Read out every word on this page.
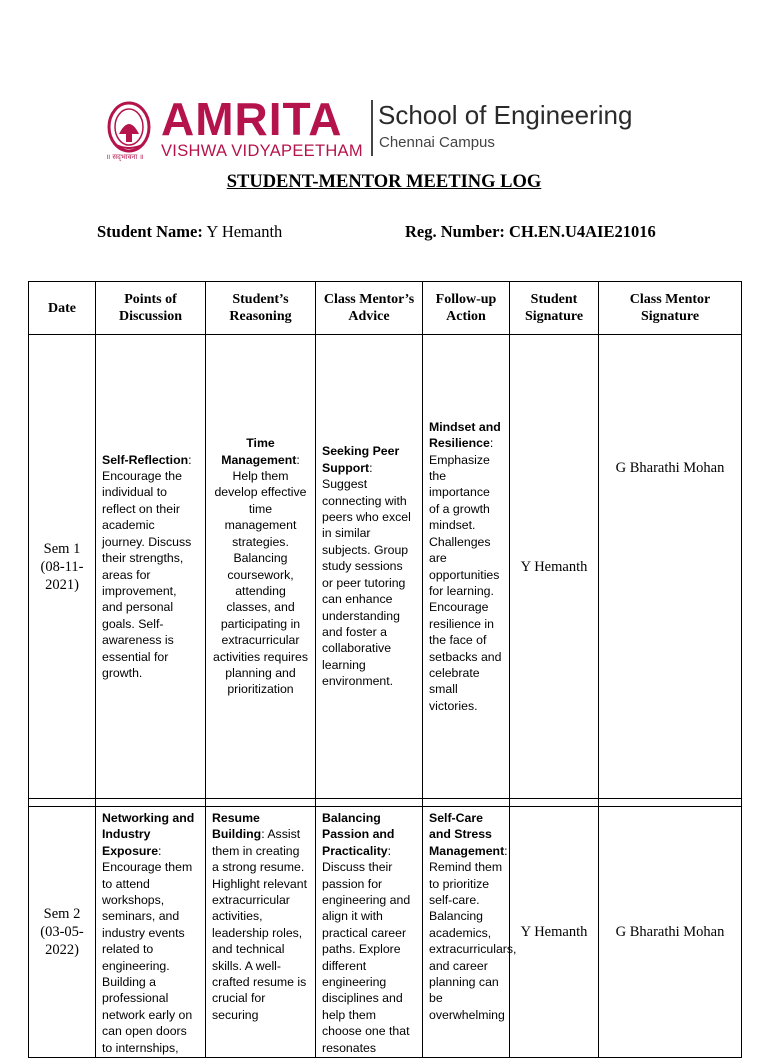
॥ सद्‌भावना ॥
AMRITA
VISHWA VIDYAPEETHAM
School of Engineering
Chennai Campus
STUDENT-MENTOR MEETING LOG
Student Name: Y Hemanth	Reg. Number: CH.EN.U4AIE21016
Date	Points of Discussion	Student’s Reasoning	Class Mentor’s Advice	Follow-up Action	Student Signature	Class Mentor Signature
Sem 1 (08-11-2021)	Self-Reflection: Encourage the individual to reflect on their academic journey. Discuss their strengths, areas for improvement, and personal goals. Self-awareness is essential for growth.	Time Management: Help them develop effective time management strategies. Balancing coursework, attending classes, and participating in extracurricular activities requires planning and prioritization	Seeking Peer Support: Suggest connecting with peers who excel in similar subjects. Group study sessions or peer tutoring can enhance understanding and foster a collaborative learning environment.	Mindset and Resilience: Emphasize the importance of a growth mindset. Challenges are opportunities for learning. Encourage resilience in the face of setbacks and celebrate small victories.	Y Hemanth	G Bharathi Mohan

Sem 2 (03-05-2022)	Networking and Industry Exposure: Encourage them to attend workshops, seminars, and industry events related to engineering. Building a professional network early on can open doors to internships,	Resume Building: Assist them in creating a strong resume. Highlight relevant extracurricular activities, leadership roles, and technical skills. A well-crafted resume is crucial for securing	Balancing Passion and Practicality: Discuss their passion for engineering and align it with practical career paths. Explore different engineering disciplines and help them choose one that resonates	Self-Care and Stress Management: Remind them to prioritize self-care. Balancing academics, extracurriculars, and career planning can be overwhelming	Y Hemanth	G Bharathi Mohan
